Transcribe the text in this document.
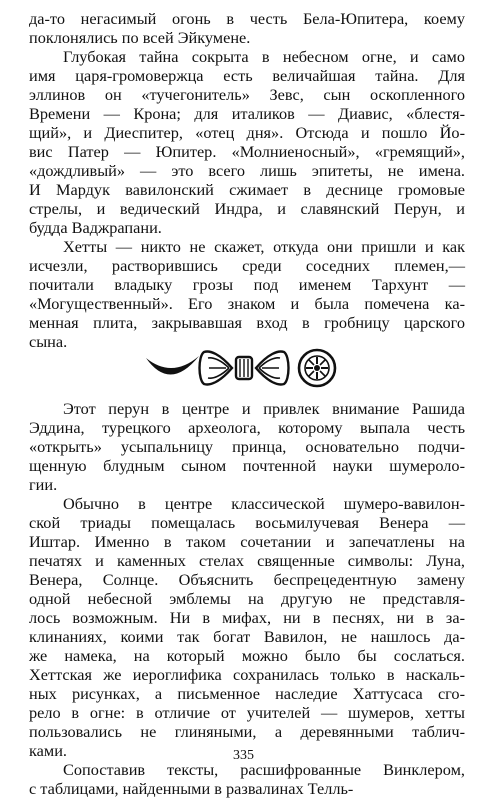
да-то негасимый огонь в честь Бела-Юпитера, коему
поклонялись по всей Эйкумене.

Глубокая тайна сокрыта в небесном огне, и само
имя царя-громовержца есть величайшая тайна. Для
эллинов он «тучегонитель» Зевс, сын оскопленного
Времени — Крона; для италиков — Диавис, «блестя-
щий», и Диеспитер, «отец дня». Отсюда и пошло Йо-
вис Патер — Юпитер. «Молниеносный», «гремящий»,
«дождливый» — это всего лишь эпитеты, не имена.
И Мардук вавилонский сжимает в деснице громовые
стрелы, и ведический Индра, и славянский Перун, и
будда Ваджрапани.

Хетты — никто не скажет, откуда они пришли и как
исчезли, растворившись среди соседних племен,—
почитали владыку грозы под именем Тархунт —
«Могущественный». Его знаком и была помечена ка-
менная плита, закрывавшая вход в гробницу царского
сына.

Этот перун в центре и привлек внимание Рашида
Эддина, турецкого археолога, которому выпала честь
«открыть» усыпальницу принца, основательно подчи-
щенную блудным сыном почтенной науки шумероло-
гии.

Обычно в центре классической шумеро-вавилон-
ской триады помещалась восьмилучевая Венера —
Иштар. Именно в таком сочетании и запечатлены на
печатях и каменных стелах священные символы: Луна,
Венера, Солнце. Объяснить беспрецедентную замену
одной небесной эмблемы на другую не представля-
лось возможным. Ни в мифах, ни в песнях, ни в за-
клинаниях, коими так богат Вавилон, не нашлось да-
же намека, на который можно было бы сослаться.
Хеттская же иероглифика сохранилась только в наскаль-
ных рисунках, а письменное наследие Хаттусаса сго-
рело в огне: в отличие от учителей — шумеров, хетты
пользовались не глиняными, а деревянными таблич-
ками.

Сопоставив тексты, расшифрованные Винклером,
с таблицами, найденными в развалинах Телль-

335
